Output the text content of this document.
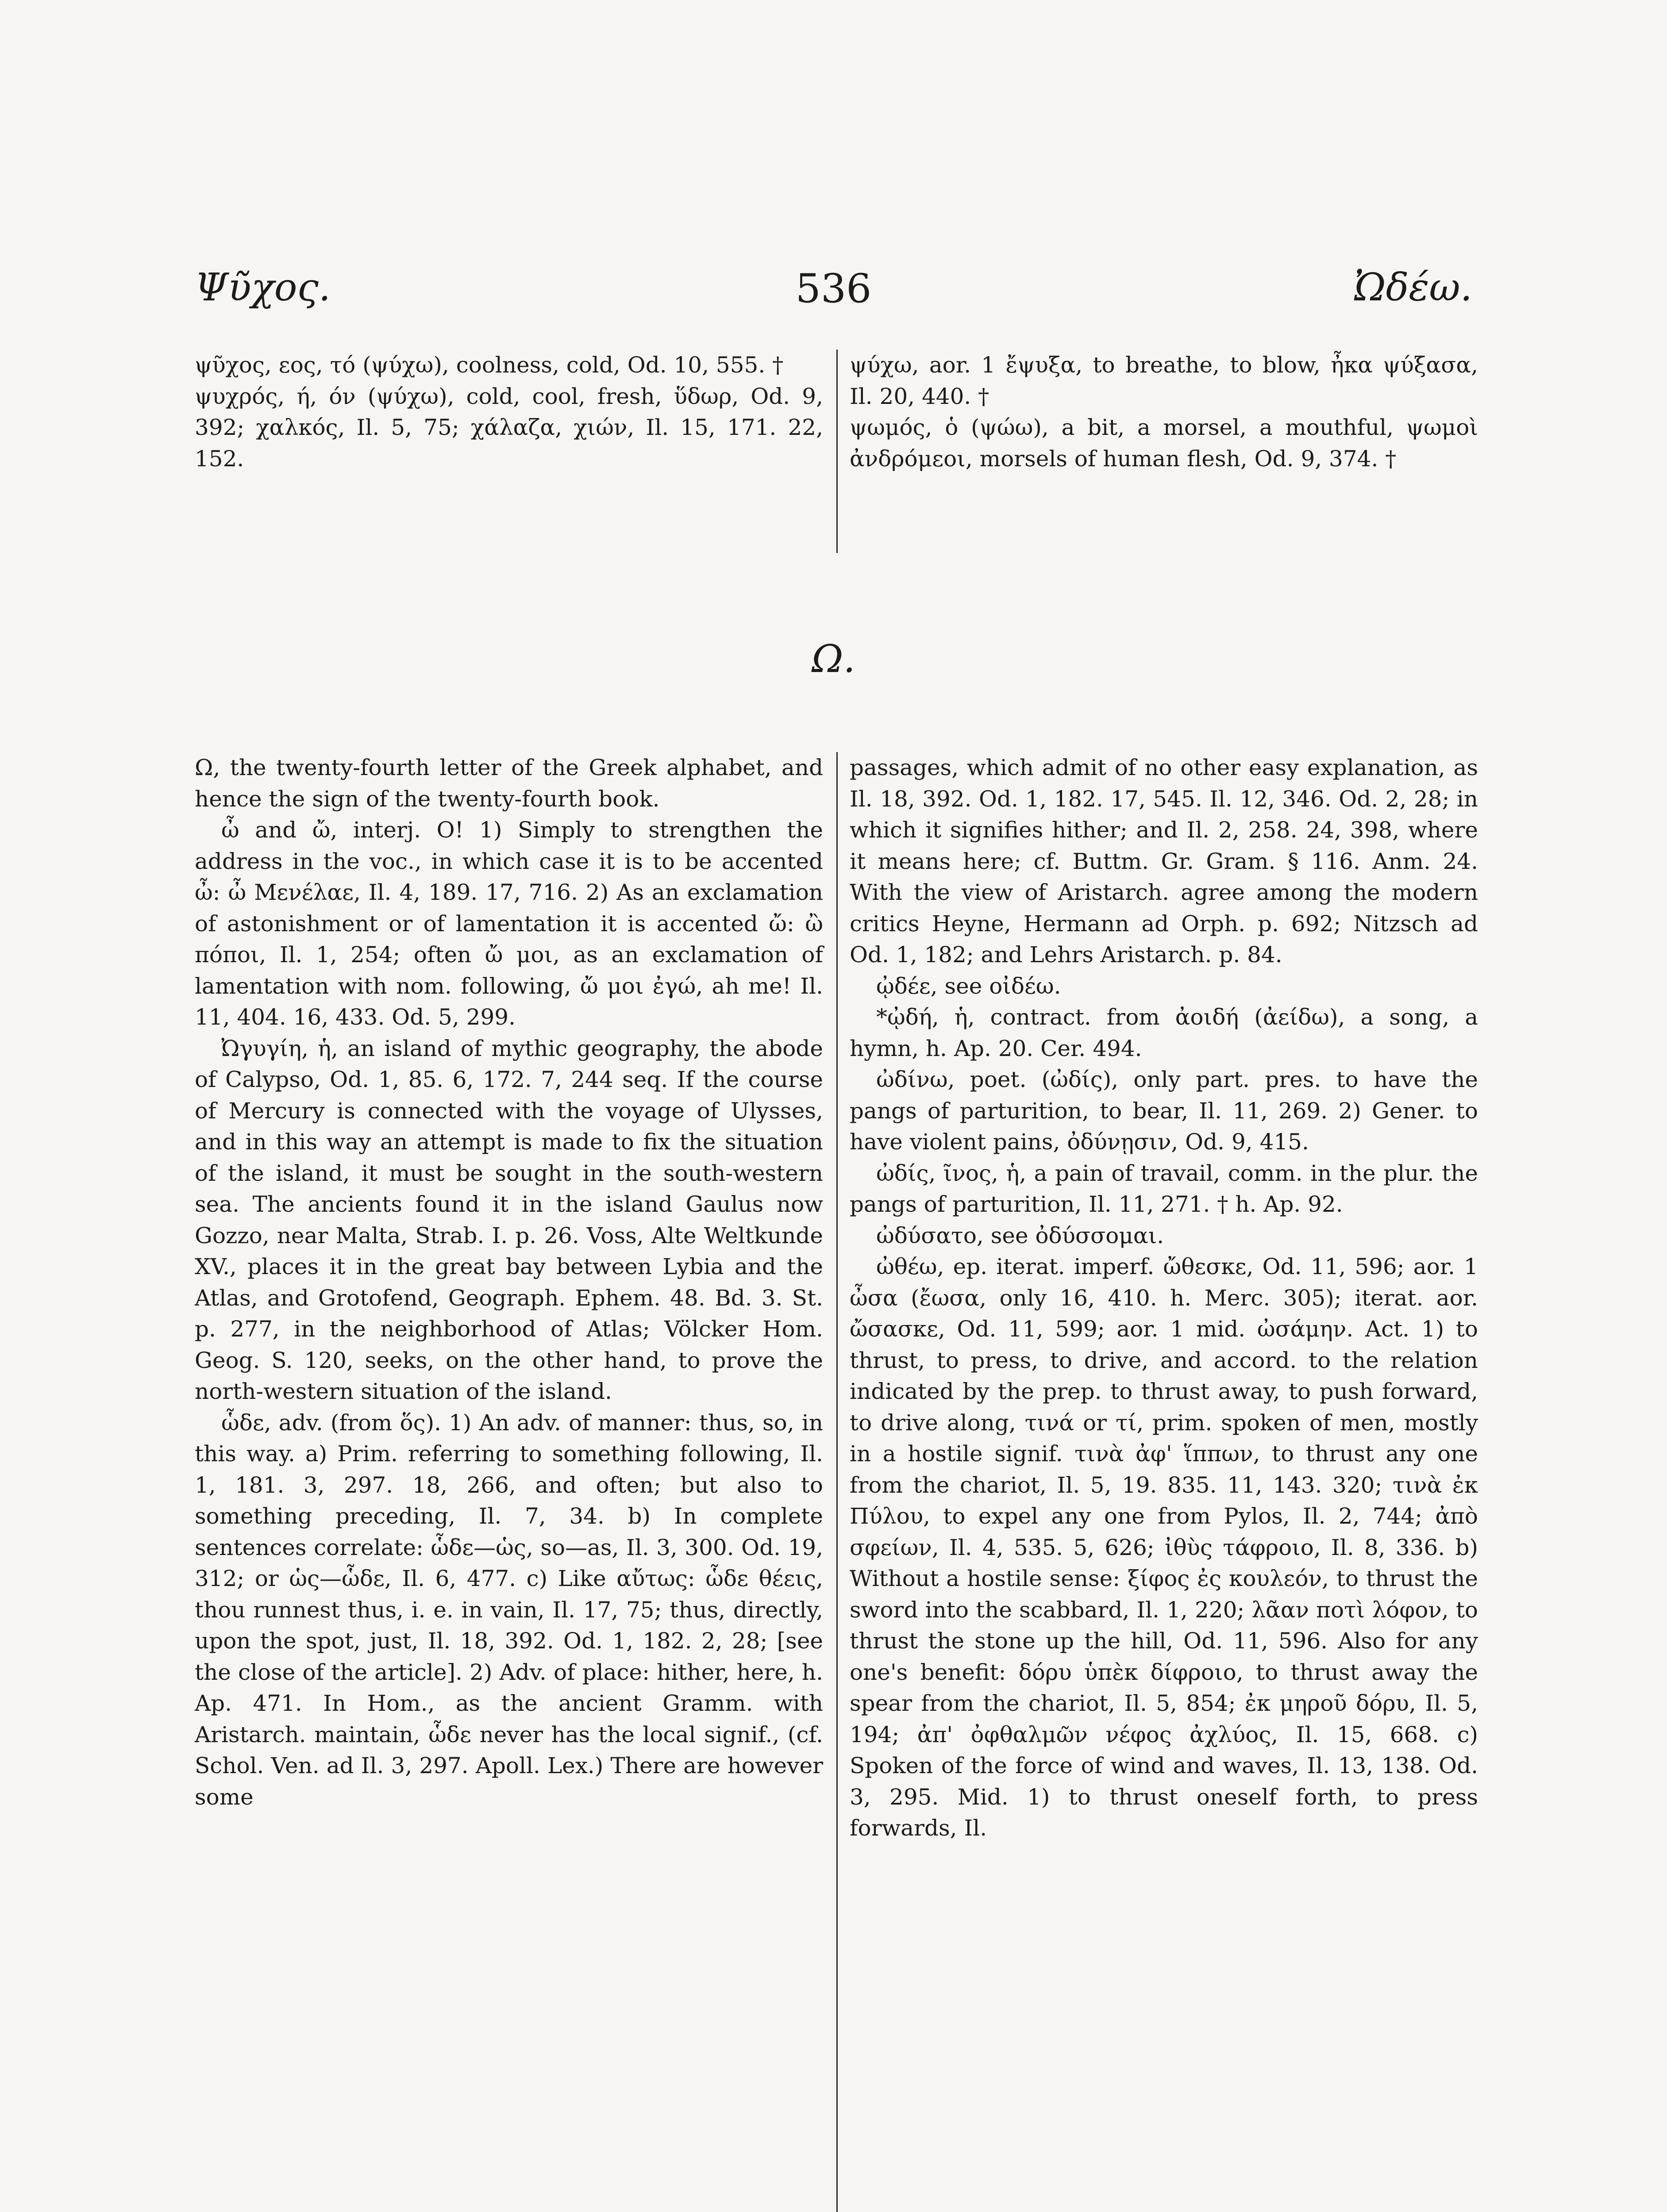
Ψῦχος.	536	Ὠδέω.

ψῦχος, εος, τό (ψύχω), coolness, cold, Od. 10, 555. †

ψυχρός, ή, όν (ψύχω), cold, cool, fresh, ὕδωρ, Od. 9, 392; χαλκός, Il. 5, 75; χάλαζα, χιών, Il. 15, 171. 22, 152.

ψύχω, aor. 1 ἔψυξα, to breathe, to blow, ἦκα ψύξασα, Il. 20, 440. †

ψωμός, ὁ (ψώω), a bit, a morsel, a mouthful, ψωμοὶ ἀνδρόμεοι, morsels of human flesh, Od. 9, 374. †

Ω.

Ω, the twenty-fourth letter of the Greek alphabet, and hence the sign of the twenty-fourth book.

ὦ and ὤ, interj. O! 1) Simply to strengthen the address in the voc., in which case it is to be accented ὦ: ὦ Μενέλαε, Il. 4, 189. 17, 716. 2) As an exclamation of astonishment or of lamentation it is accented ὤ: ὢ πόποι, Il. 1, 254; often ὤ μοι, as an exclamation of lamentation with nom. following, ὤ μοι ἐγώ, ah me! Il. 11, 404. 16, 433. Od. 5, 299.

Ὠγυγίη, ἡ, an island of mythic geography, the abode of Calypso, Od. 1, 85. 6, 172. 7, 244 seq. If the course of Mercury is connected with the voyage of Ulysses, and in this way an attempt is made to fix the situation of the island, it must be sought in the south-western sea. The ancients found it in the island Gaulus now Gozzo, near Malta, Strab. I. p. 26. Voss, Alte Weltkunde XV., places it in the great bay between Lybia and the Atlas, and Grotofend, Geograph. Ephem. 48. Bd. 3. St. p. 277, in the neighborhood of Atlas; Völcker Hom. Geog. S. 120, seeks, on the other hand, to prove the north-western situation of the island.

ὧδε, adv. (from ὅς). 1) An adv. of manner: thus, so, in this way. a) Prim. referring to something following, Il. 1, 181. 3, 297. 18, 266, and often; but also to something preceding, Il. 7, 34. b) In complete sentences correlate: ὧδε—ὡς, so—as, Il. 3, 300. Od. 19, 312; or ὡς—ὧδε, Il. 6, 477. c) Like αὔτως: ὧδε θέεις, thou runnest thus, i. e. in vain, Il. 17, 75; thus, directly, upon the spot, just, Il. 18, 392. Od. 1, 182. 2, 28; [see the close of the article]. 2) Adv. of place: hither, here, h. Ap. 471. In Hom., as the ancient Gramm. with Aristarch. maintain, ὧδε never has the local signif., (cf. Schol. Ven. ad Il. 3, 297. Apoll. Lex.) There are however some

passages, which admit of no other easy explanation, as Il. 18, 392. Od. 1, 182. 17, 545. Il. 12, 346. Od. 2, 28; in which it signifies hither; and Il. 2, 258. 24, 398, where it means here; cf. Buttm. Gr. Gram. § 116. Anm. 24. With the view of Aristarch. agree among the modern critics Heyne, Hermann ad Orph. p. 692; Nitzsch ad Od. 1, 182; and Lehrs Aristarch. p. 84.

ᾠδέε, see οἰδέω.

*ᾠδή, ἡ, contract. from ἀοιδή (ἀείδω), a song, a hymn, h. Ap. 20. Cer. 494.

ὠδίνω, poet. (ὠδίς), only part. pres. to have the pangs of parturition, to bear, Il. 11, 269. 2) Gener. to have violent pains, ὀδύνῃσιν, Od. 9, 415.

ὠδίς, ῖνος, ἡ, a pain of travail, comm. in the plur. the pangs of parturition, Il. 11, 271. † h. Ap. 92.

ὠδύσατο, see ὀδύσσομαι.

ὠθέω, ep. iterat. imperf. ὤθεσκε, Od. 11, 596; aor. 1 ὦσα (ἔωσα, only 16, 410. h. Merc. 305); iterat. aor. ὤσασκε, Od. 11, 599; aor. 1 mid. ὠσάμην. Act. 1) to thrust, to press, to drive, and accord. to the relation indicated by the prep. to thrust away, to push forward, to drive along, τινά or τί, prim. spoken of men, mostly in a hostile signif. τινὰ ἀφ' ἵππων, to thrust any one from the chariot, Il. 5, 19. 835. 11, 143. 320; τινὰ ἐκ Πύλου, to expel any one from Pylos, Il. 2, 744; ἀπὸ σφείων, Il. 4, 535. 5, 626; ἰθὺς τάφροιο, Il. 8, 336. b) Without a hostile sense: ξίφος ἐς κουλεόν, to thrust the sword into the scabbard, Il. 1, 220; λᾶαν ποτὶ λόφον, to thrust the stone up the hill, Od. 11, 596. Also for any one's benefit: δόρυ ὑπὲκ δίφροιο, to thrust away the spear from the chariot, Il. 5, 854; ἐκ μηροῦ δόρυ, Il. 5, 194; ἀπ' ὀφθαλμῶν νέφος ἀχλύος, Il. 15, 668. c) Spoken of the force of wind and waves, Il. 13, 138. Od. 3, 295. Mid. 1) to thrust oneself forth, to press forwards, Il.
